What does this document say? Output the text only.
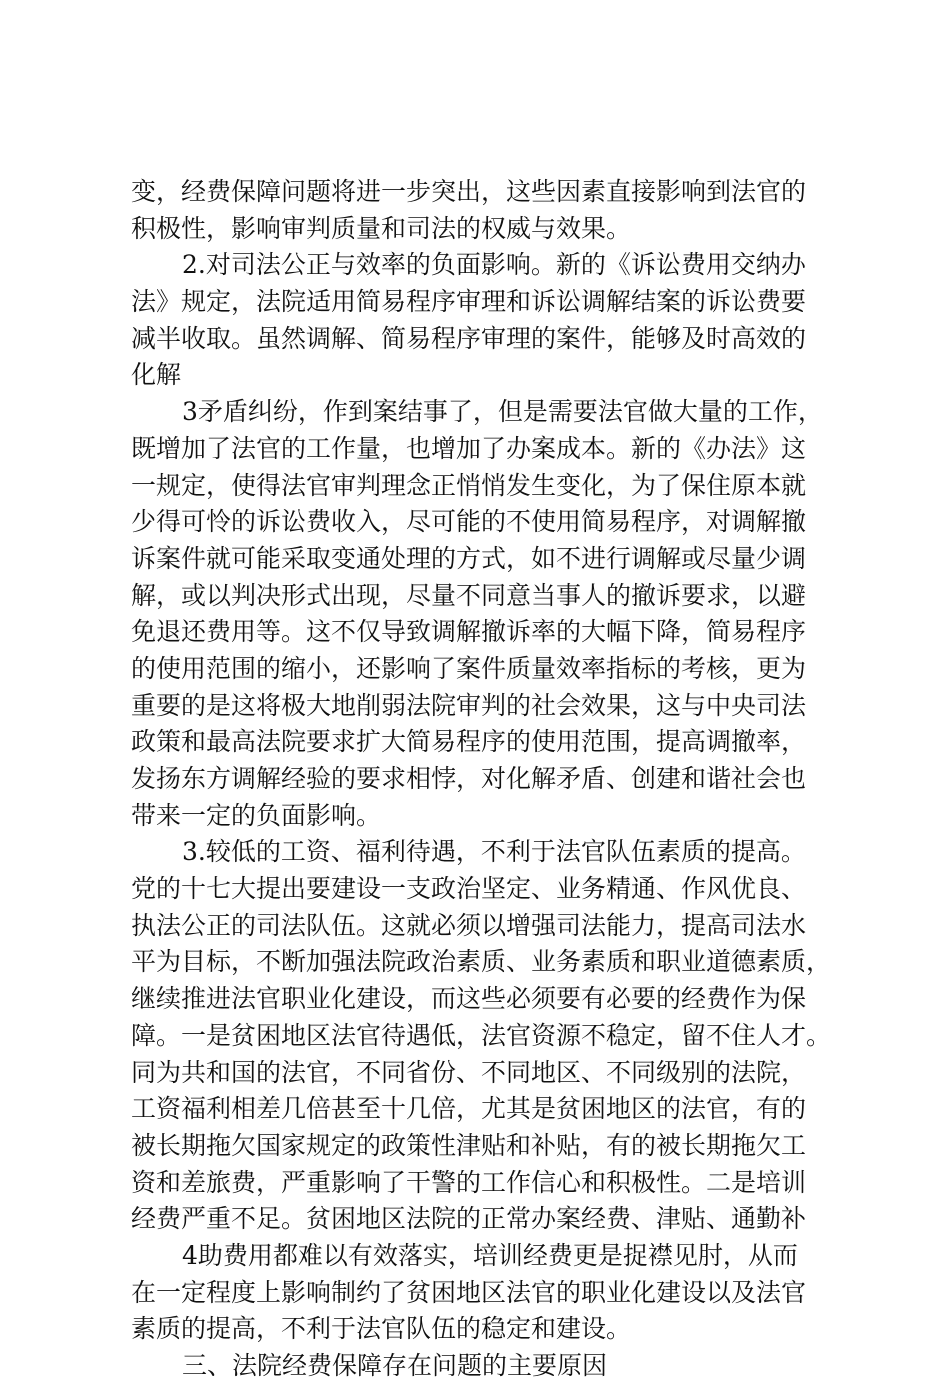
变，经费保障问题将进一步突出，这些因素直接影响到法官的
积极性，影响审判质量和司法的权威与效果。
2.对司法公正与效率的负面影响。新的《诉讼费用交纳办
法》规定，法院适用简易程序审理和诉讼调解结案的诉讼费要
减半收取。虽然调解、简易程序审理的案件，能够及时高效的
化解
3矛盾纠纷，作到案结事了，但是需要法官做大量的工作，
既增加了法官的工作量，也增加了办案成本。新的《办法》这
一规定，使得法官审判理念正悄悄发生变化，为了保住原本就
少得可怜的诉讼费收入，尽可能的不使用简易程序，对调解撤
诉案件就可能采取变通处理的方式，如不进行调解或尽量少调
解，或以判决形式出现，尽量不同意当事人的撤诉要求，以避
免退还费用等。这不仅导致调解撤诉率的大幅下降，简易程序
的使用范围的缩小，还影响了案件质量效率指标的考核，更为
重要的是这将极大地削弱法院审判的社会效果，这与中央司法
政策和最高法院要求扩大简易程序的使用范围，提高调撤率，
发扬东方调解经验的要求相悖，对化解矛盾、创建和谐社会也
带来一定的负面影响。
3.较低的工资、福利待遇，不利于法官队伍素质的提高。
党的十七大提出要建设一支政治坚定、业务精通、作风优良、
执法公正的司法队伍。这就必须以增强司法能力，提高司法水
平为目标，不断加强法院政治素质、业务素质和职业道德素质，
继续推进法官职业化建设，而这些必须要有必要的经费作为保
障。一是贫困地区法官待遇低，法官资源不稳定，留不住人才。
同为共和国的法官，不同省份、不同地区、不同级别的法院，
工资福利相差几倍甚至十几倍，尤其是贫困地区的法官，有的
被长期拖欠国家规定的政策性津贴和补贴，有的被长期拖欠工
资和差旅费，严重影响了干警的工作信心和积极性。二是培训
经费严重不足。贫困地区法院的正常办案经费、津贴、通勤补
4助费用都难以有效落实，培训经费更是捉襟见肘，从而
在一定程度上影响制约了贫困地区法官的职业化建设以及法官
素质的提高，不利于法官队伍的稳定和建设。
三、法院经费保障存在问题的主要原因
